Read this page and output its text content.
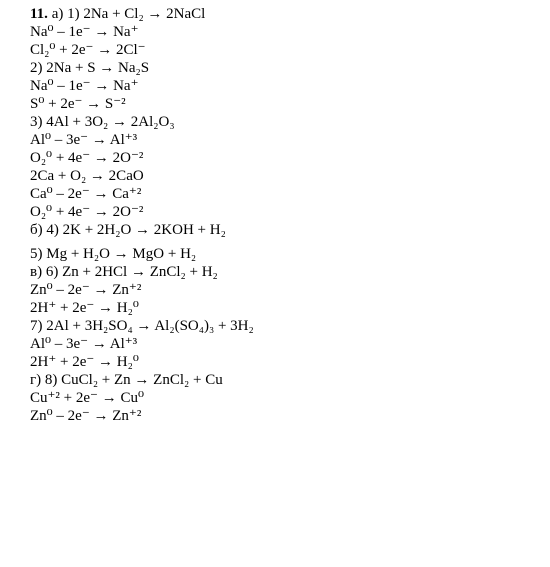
11. а) 1) 2Na + Cl₂ → 2NaCl
Na⁰ – 1e⁻ → Na⁺
Cl₂⁰ + 2e⁻ → 2Cl⁻
2) 2Na + S → Na₂S
Na⁰ – 1e⁻ → Na⁺
S⁰ + 2e⁻ → S⁻²
3) 4Al + 3O₂ → 2Al₂O₃
Al⁰ – 3e⁻ → Al⁺³
O₂⁰ + 4e⁻ → 2O⁻²
2Ca + O₂ → 2CaO
Ca⁰ – 2e⁻ → Ca⁺²
O₂⁰ + 4e⁻ → 2O⁻²
б) 4) 2K + 2H₂O → 2KOH + H₂
5) Mg + H₂O → MgO + H₂
в) 6) Zn + 2HCl → ZnCl₂ + H₂
Zn⁰ – 2e⁻ → Zn⁺²
2H⁺ + 2e⁻ → H₂⁰
7) 2Al + 3H₂SO₄ → Al₂(SO₄)₃ + 3H₂
Al⁰ – 3e⁻ → Al⁺³
2H⁺ + 2e⁻ → H₂⁰
г) 8) CuCl₂ + Zn → ZnCl₂ + Cu
Cu⁺² + 2e⁻ → Cu⁰
Zn⁰ – 2e⁻ → Zn⁺²
